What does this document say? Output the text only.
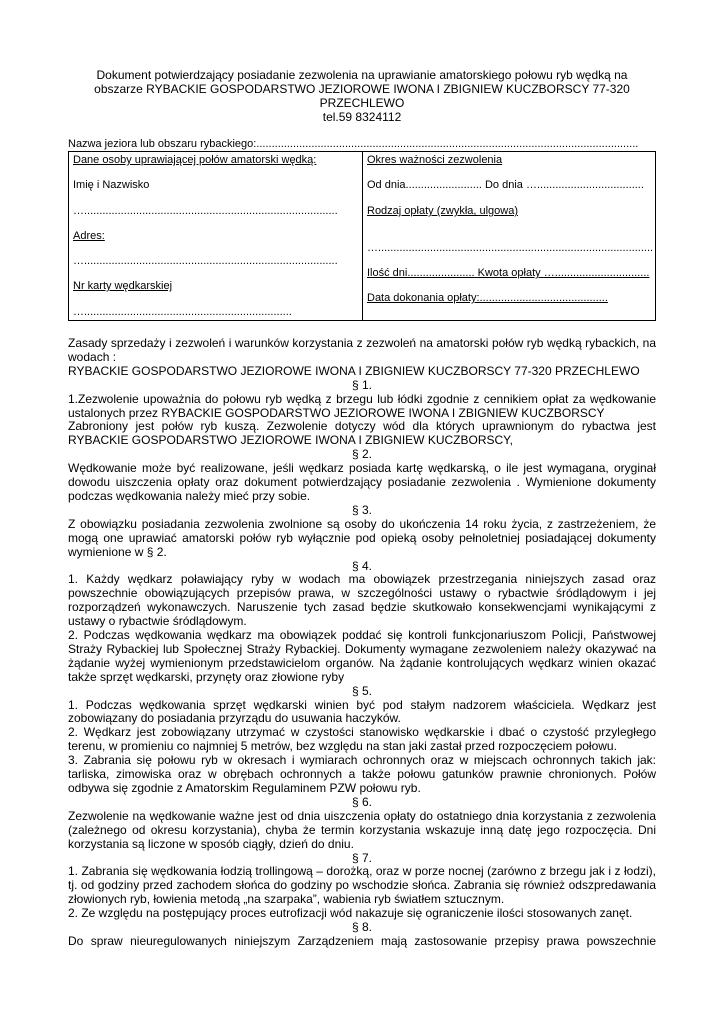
Dokument potwierdzający posiadanie zezwolenia na uprawianie amatorskiego połowu ryb wędką na
obszarze RYBACKIE GOSPODARSTWO JEZIOROWE IWONA I ZBIGNIEW KUCZBORSCY 77-320
PRZECHLEWO
tel.59 8324112
Nazwa jeziora lub obszaru rybackiego:.............................................................................................................................
Dane osoby uprawiającej połów amatorski wędką:
Imię i Nazwisko
…...................................................................................
Adres:
…...................................................................................
Nr karty wędkarskiej
…....................................................................
Okres ważności zezwolenia
Od dnia......................... Do dnia …...................................
Rodzaj opłaty (zwykła, ulgowa)
…..........................................................................................
Ilość dni...................... Kwota opłaty …...............................
Data dokonania opłaty:..........................................

Zasady sprzedaży i zezwoleń i warunków korzystania z zezwoleń na amatorski połów ryb wędką rybackich, na wodach :

RYBACKIE GOSPODARSTWO JEZIOROWE IWONA I ZBIGNIEW KUCZBORSCY 77-320 PRZECHLEWO

§ 1.

1.Zezwolenie upoważnia do połowu ryb wędką z brzegu lub łódki zgodnie z cennikiem opłat za wędkowanie ustalonych przez RYBACKIE GOSPODARSTWO JEZIOROWE IWONA I ZBIGNIEW KUCZBORSCY

Zabroniony jest połów ryb kuszą. Zezwolenie dotyczy wód dla których uprawnionym do rybactwa jest RYBACKIE GOSPODARSTWO JEZIOROWE IWONA I ZBIGNIEW KUCZBORSCY,

§ 2.

Wędkowanie może być realizowane, jeśli wędkarz posiada kartę wędkarską, o ile jest wymagana, oryginał dowodu uiszczenia opłaty oraz dokument potwierdzający posiadanie zezwolenia . Wymienione dokumenty podczas wędkowania należy mieć przy sobie.

§ 3.

Z obowiązku posiadania zezwolenia zwolnione są osoby do ukończenia 14 roku życia, z zastrzeżeniem, że mogą one uprawiać amatorski połów ryb wyłącznie pod opieką osoby pełnoletniej posiadającej dokumenty wymienione w § 2.

§ 4.

1. Każdy wędkarz poławiający ryby w wodach ma obowiązek przestrzegania niniejszych zasad oraz powszechnie obowiązujących przepisów prawa, w szczególności ustawy o rybactwie śródlądowym i jej rozporządzeń wykonawczych. Naruszenie tych zasad będzie skutkowało konsekwencjami wynikającymi z ustawy o rybactwie śródlądowym.

2. Podczas wędkowania wędkarz ma obowiązek poddać się kontroli funkcjonariuszom Policji, Państwowej Straży Rybackiej lub Społecznej Straży Rybackiej. Dokumenty wymagane zezwoleniem należy okazywać na żądanie wyżej wymienionym przedstawicielom organów. Na żądanie kontrolujących wędkarz winien okazać także sprzęt wędkarski, przynęty oraz złowione ryby

§ 5.

1. Podczas wędkowania sprzęt wędkarski winien być pod stałym nadzorem właściciela. Wędkarz jest zobowiązany do posiadania przyrządu do usuwania haczyków.

2. Wędkarz jest zobowiązany utrzymać w czystości stanowisko wędkarskie i dbać o czystość przyległego terenu, w promieniu co najmniej 5 metrów, bez względu na stan jaki zastał przed rozpoczęciem połowu.

3. Zabrania się połowu ryb w okresach i wymiarach ochronnych oraz w miejscach ochronnych takich jak: tarliska, zimowiska oraz w obrębach ochronnych a także połowu gatunków prawnie chronionych. Połów odbywa się zgodnie z Amatorskim Regulaminem PZW połowu ryb.

§ 6.

Zezwolenie na wędkowanie ważne jest od dnia uiszczenia opłaty do ostatniego dnia korzystania z zezwolenia (zależnego od okresu korzystania), chyba że termin korzystania wskazuje inną datę jego rozpoczęcia. Dni korzystania są liczone w sposób ciągły, dzień do dniu.

§ 7.

1. Zabrania się wędkowania łodzią trollingową – dorożką, oraz w porze nocnej (zarówno z brzegu jak i z łodzi), tj. od godziny przed zachodem słońca do godziny po wschodzie słońca. Zabrania się również odszpredawania złowionych ryb, łowienia metodą „na szarpaka”, wabienia ryb światłem sztucznym.

2. Ze względu na postępujący proces eutrofizacji wód nakazuje się ograniczenie ilości stosowanych zanęt.

§ 8.

Do spraw nieuregulowanych niniejszym Zarządzeniem mają zastosowanie przepisy prawa powszechnie
